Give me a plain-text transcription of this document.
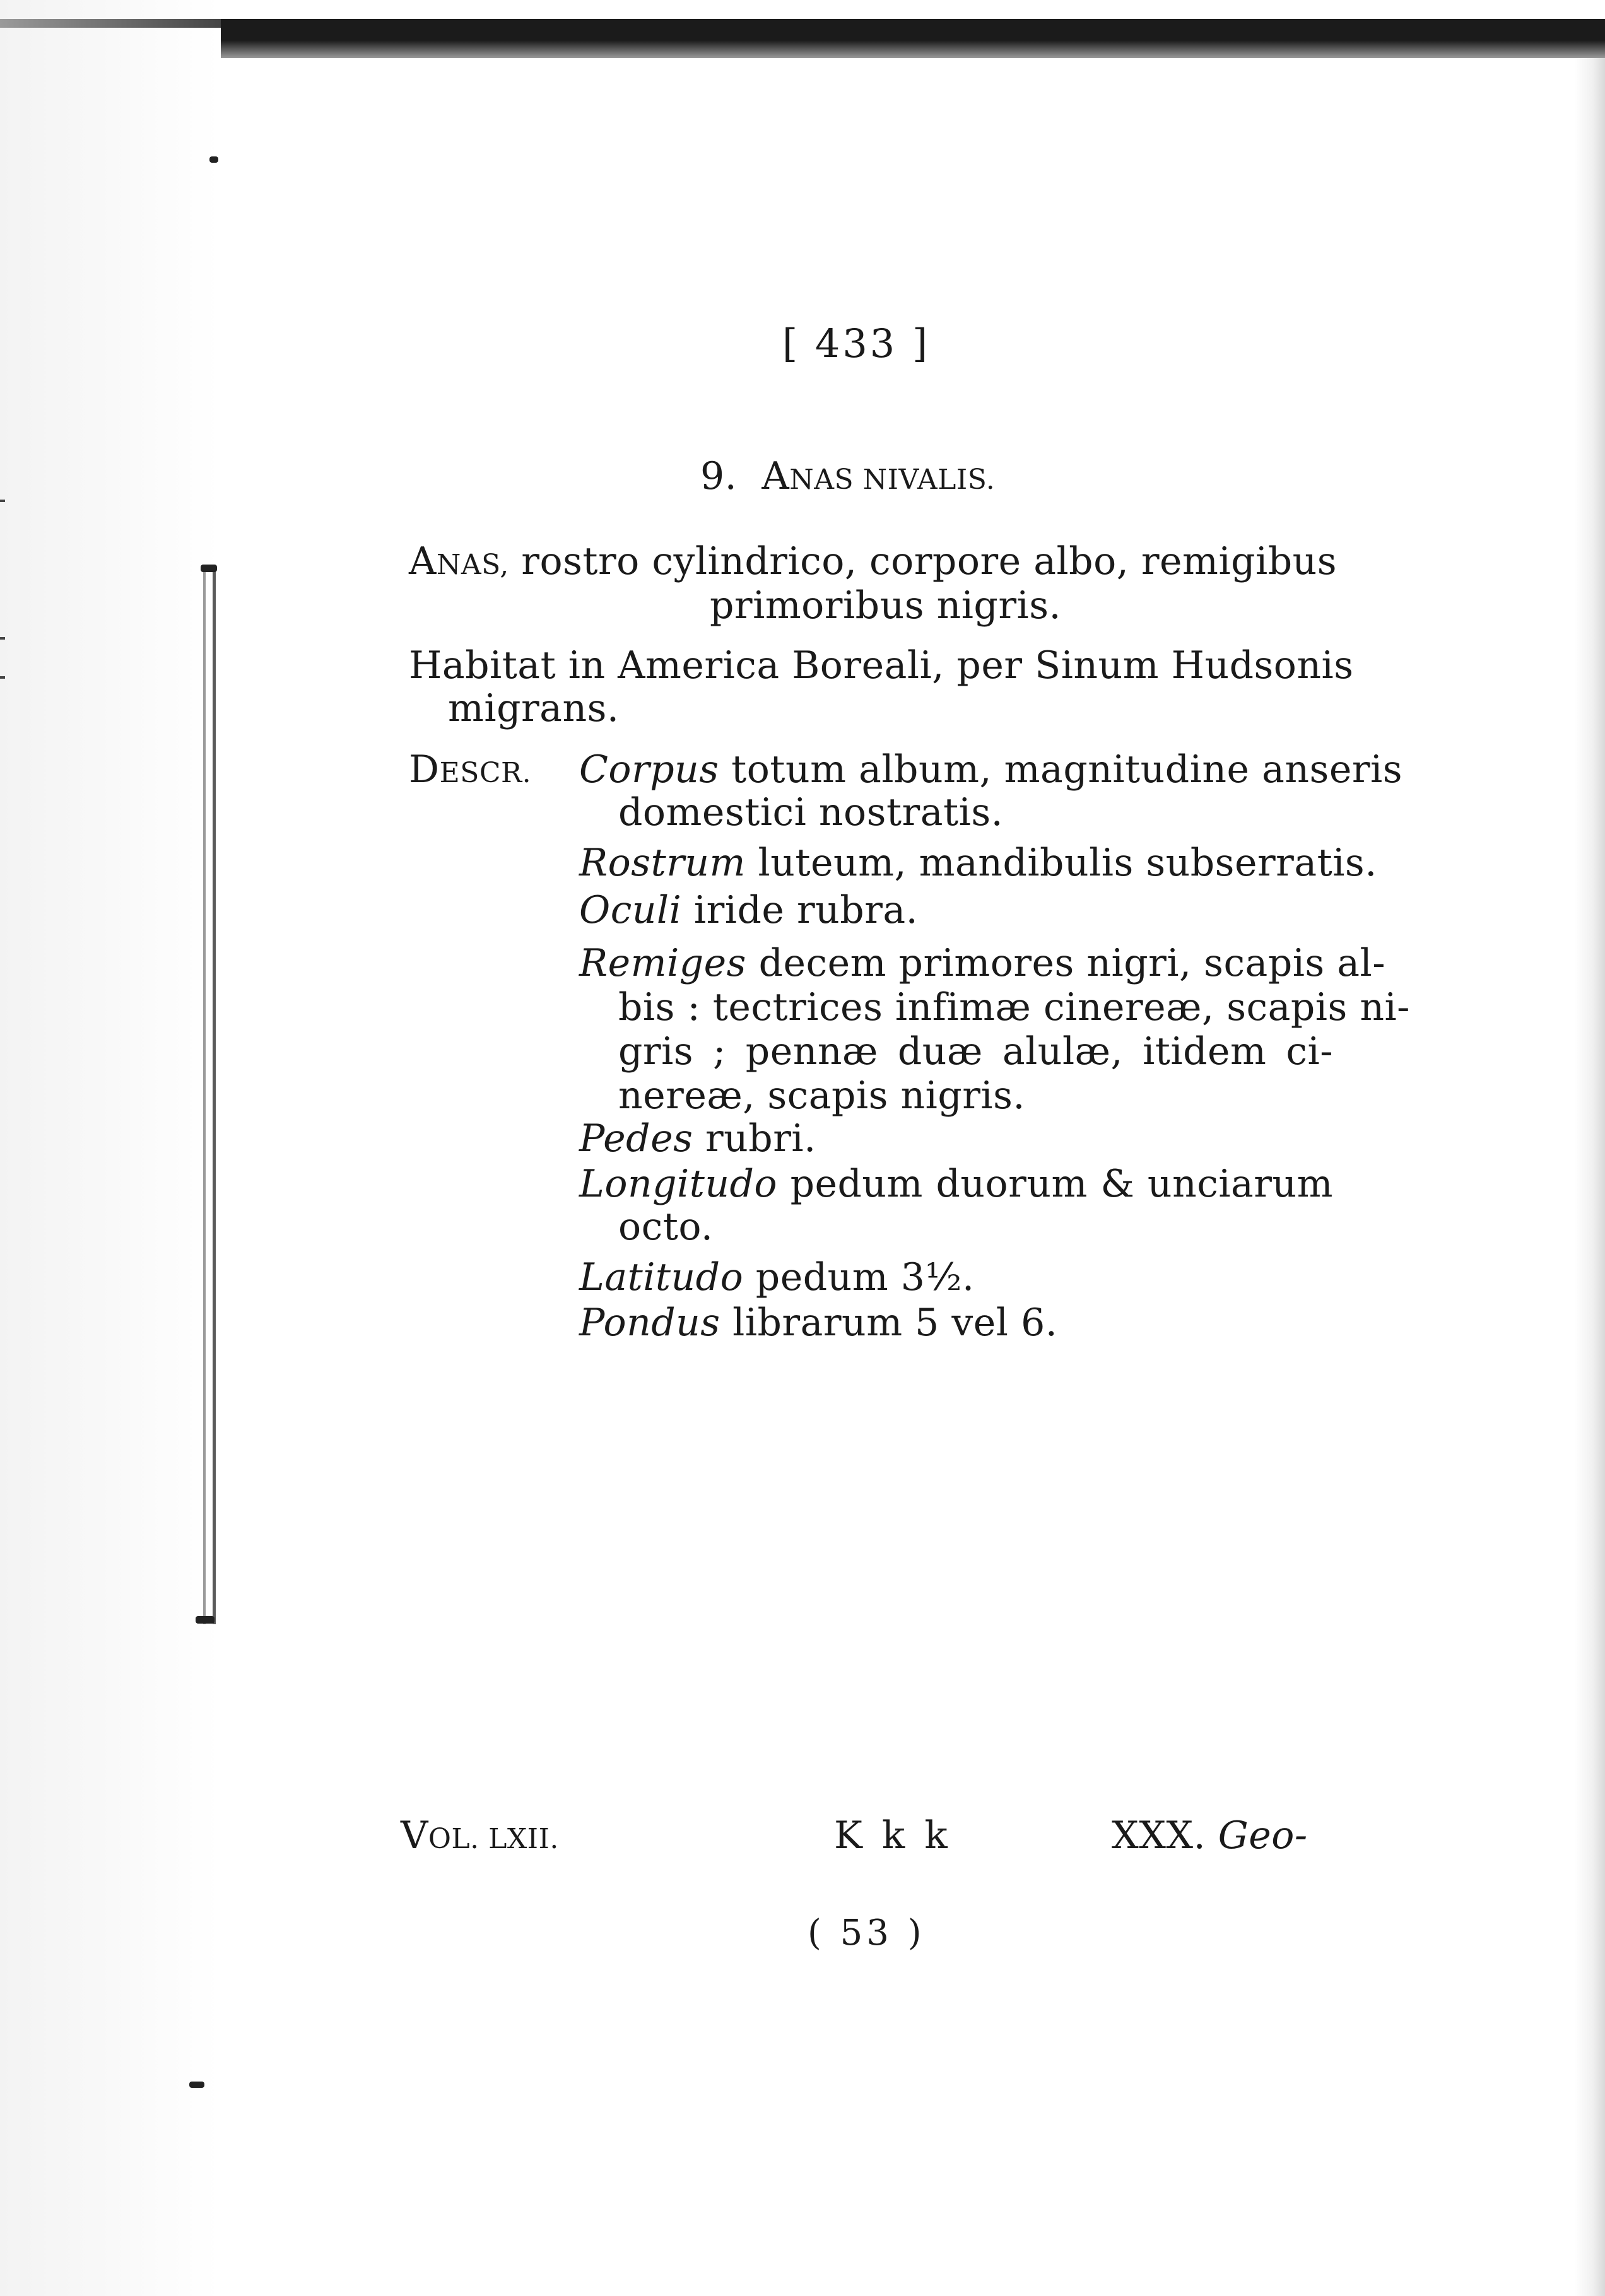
[ 433 ]
9. ANAS NIVALIS.
ANAS, rostro cylindrico, corpore albo, remigibus
primoribus nigris.
Habitat in America Boreali, per Sinum Hudsonis
migrans.
DESCR. Corpus totum album, magnitudine anseris
domestici nostratis.
Rostrum luteum, mandibulis subserratis.
Oculi iride rubra.
Remiges decem primores nigri, scapis al-
bis : tectrices infimæ cinereæ, scapis ni-
gris ; pennæ duæ alulæ, itidem ci-
nereæ, scapis nigris.
Pedes rubri.
Longitudo pedum duorum & unciarum
octo.
Latitudo pedum 3½.
Pondus librarum 5 vel 6.
VOL. LXII.	K k k	XXX. Geo-
( 53 )
